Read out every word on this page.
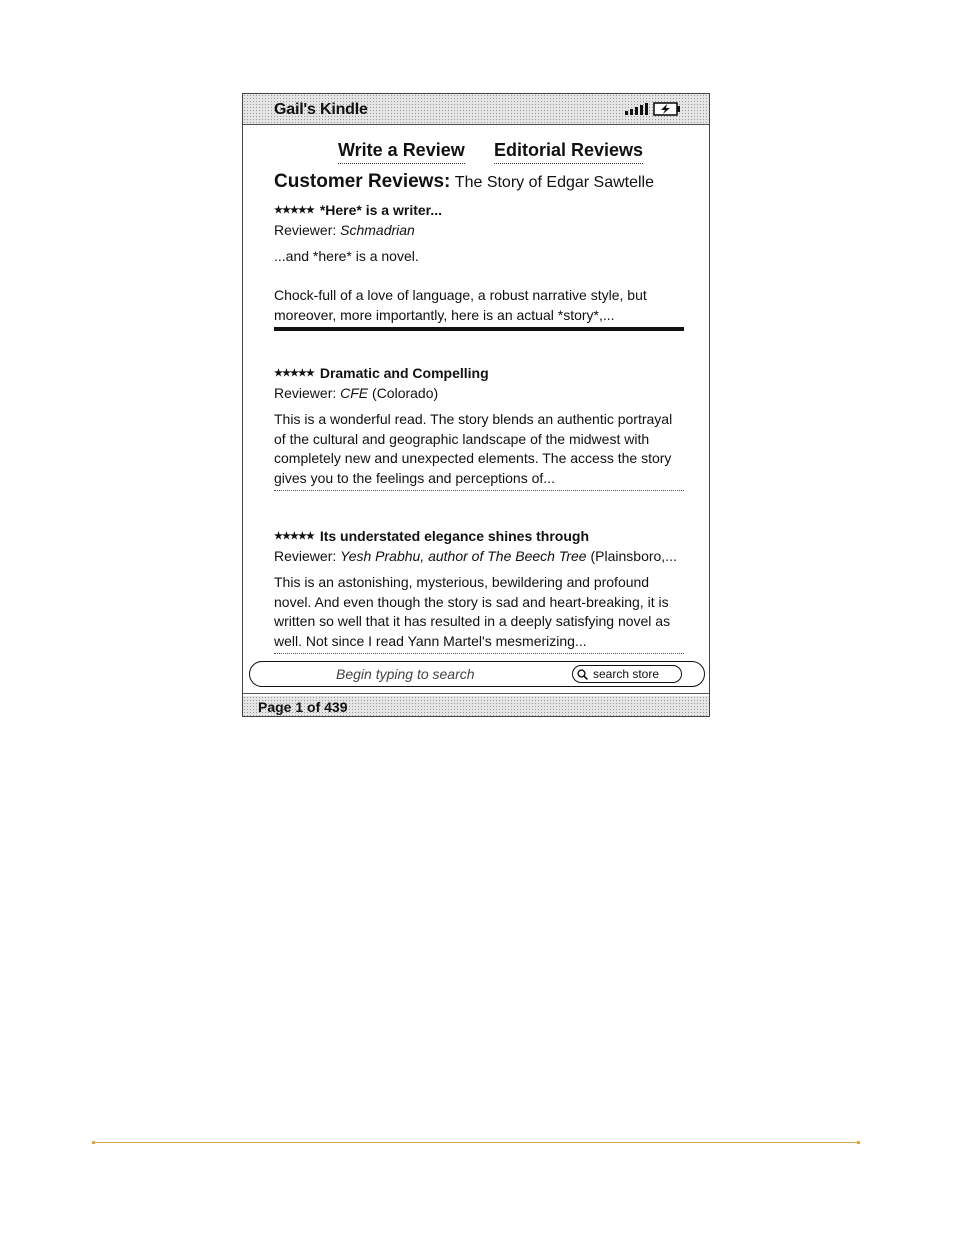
Gail's Kindle
Write a Review Editorial Reviews
Customer Reviews: The Story of Edgar Sawtelle
★★★★★ *Here* is a writer...
Reviewer: Schmadrian

...and *here* is a novel.

Chock-full of a love of language, a robust narrative style, but moreover, more importantly, here is an actual *story*,...

★★★★★ Dramatic and Compelling
Reviewer: CFE (Colorado)

This is a wonderful read. The story blends an authentic portrayal of the cultural and geographic landscape of the midwest with completely new and unexpected elements. The access the story gives you to the feelings and perceptions of...

★★★★★ Its understated elegance shines through
Reviewer: Yesh Prabhu, author of The Beech Tree (Plainsboro,...

This is an astonishing, mysterious, bewildering and profound novel. And even though the story is sad and heart-breaking, it is written so well that it has resulted in a deeply satisfying novel as well. Not since I read Yann Martel's mesmerizing...

Begin typing to search	search store
Page 1 of 439
